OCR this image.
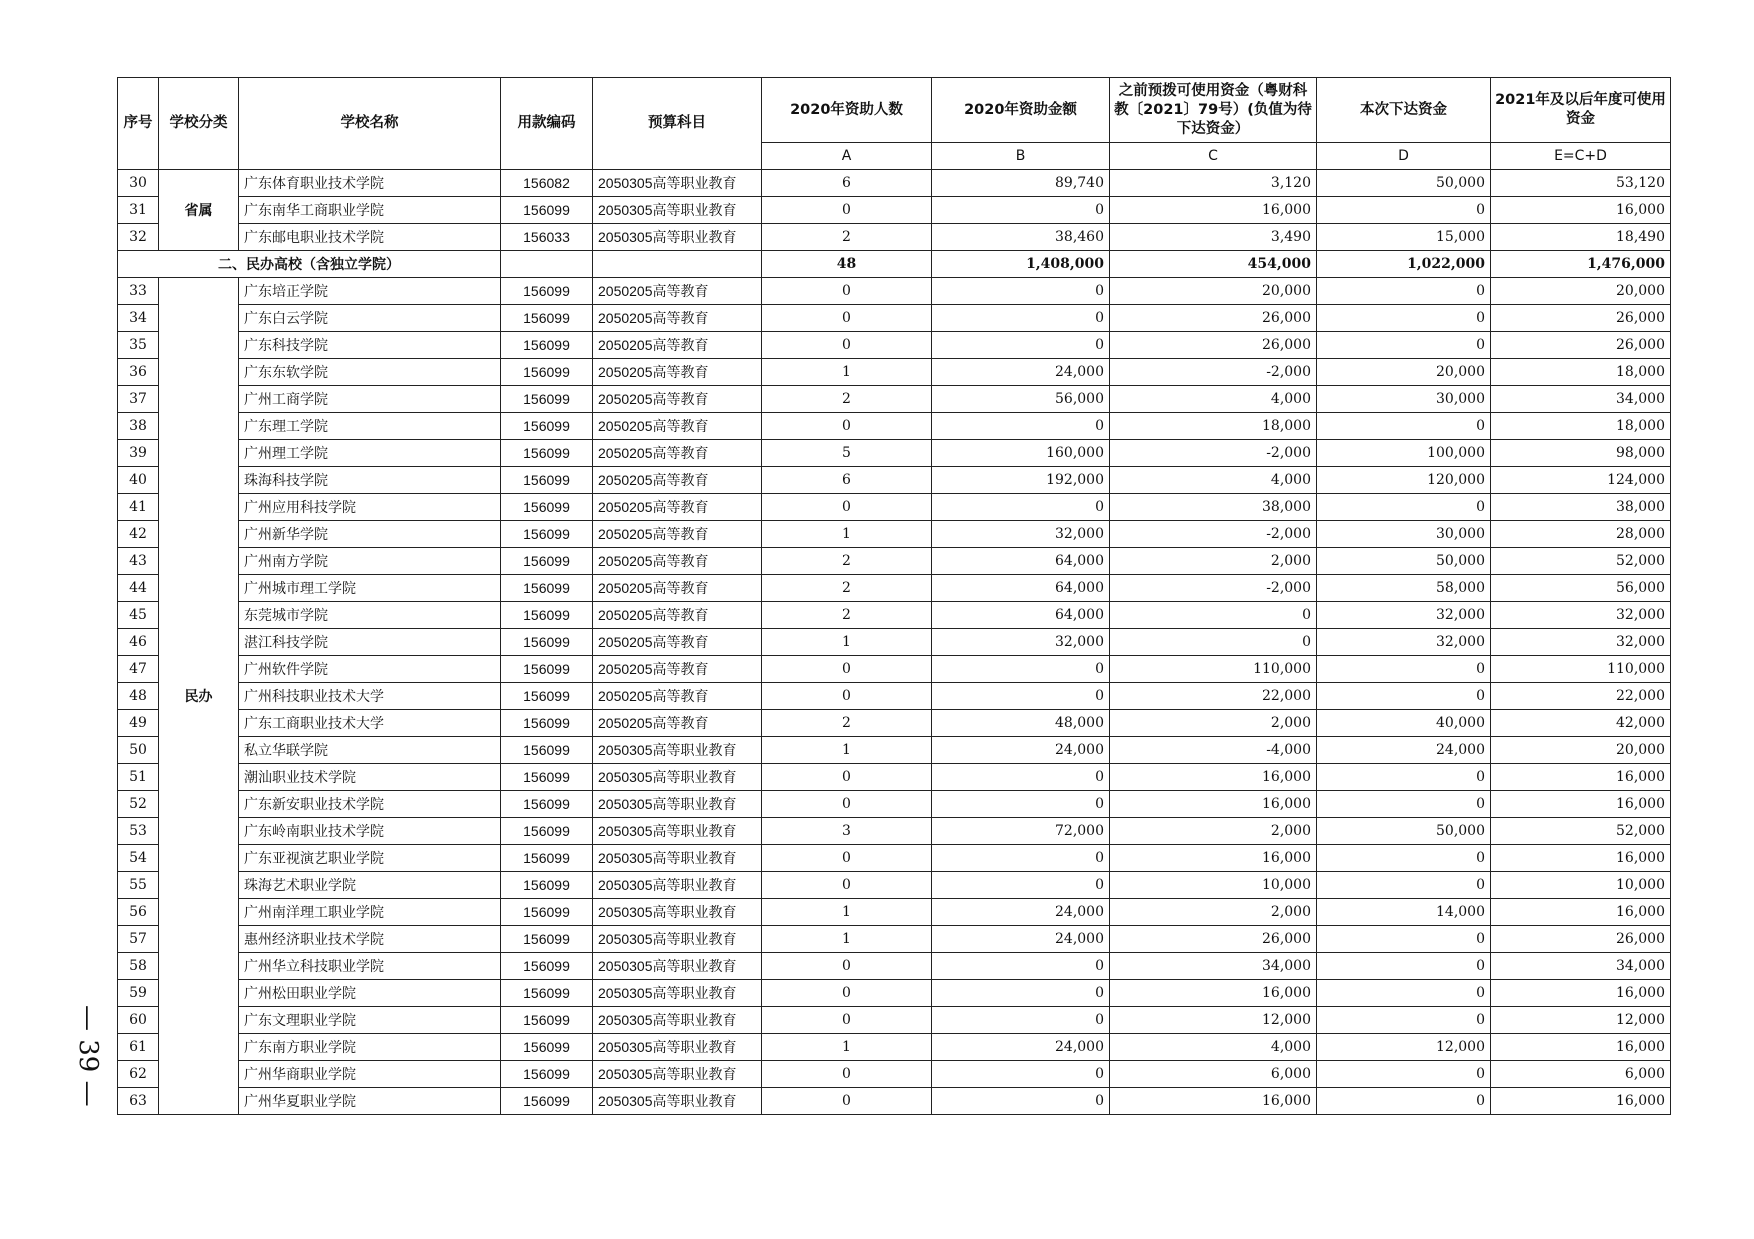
序号	学校分类	学校名称	用款编码	预算科目	2020年资助人数	2020年资助金额	之前预拨可使用资金（粤财科教〔2021〕79号）(负值为待下达资金）	本次下达资金	2021年及以后年度可使用资金
					A	B	C	D	E=C+D
30	省属	广东体育职业技术学院	156082	2050305高等职业教育	6	89,740	3,120	50,000	53,120
31		广东南华工商职业学院	156099	2050305高等职业教育	0	0	16,000	0	16,000
32		广东邮电职业技术学院	156033	2050305高等职业教育	2	38,460	3,490	15,000	18,490
二、民办高校（含独立学院）					48	1,408,000	454,000	1,022,000	1,476,000
33	民办	广东培正学院	156099	2050205高等教育	0	0	20,000	0	20,000
34		广东白云学院	156099	2050205高等教育	0	0	26,000	0	26,000
35		广东科技学院	156099	2050205高等教育	0	0	26,000	0	26,000
36		广东东软学院	156099	2050205高等教育	1	24,000	-2,000	20,000	18,000
37		广州工商学院	156099	2050205高等教育	2	56,000	4,000	30,000	34,000
38		广东理工学院	156099	2050205高等教育	0	0	18,000	0	18,000
39		广州理工学院	156099	2050205高等教育	5	160,000	-2,000	100,000	98,000
40		珠海科技学院	156099	2050205高等教育	6	192,000	4,000	120,000	124,000
41		广州应用科技学院	156099	2050205高等教育	0	0	38,000	0	38,000
42		广州新华学院	156099	2050205高等教育	1	32,000	-2,000	30,000	28,000
43		广州南方学院	156099	2050205高等教育	2	64,000	2,000	50,000	52,000
44		广州城市理工学院	156099	2050205高等教育	2	64,000	-2,000	58,000	56,000
45		东莞城市学院	156099	2050205高等教育	2	64,000	0	32,000	32,000
46		湛江科技学院	156099	2050205高等教育	1	32,000	0	32,000	32,000
47		广州软件学院	156099	2050205高等教育	0	0	110,000	0	110,000
48		广州科技职业技术大学	156099	2050205高等教育	0	0	22,000	0	22,000
49		广东工商职业技术大学	156099	2050205高等教育	2	48,000	2,000	40,000	42,000
50		私立华联学院	156099	2050305高等职业教育	1	24,000	-4,000	24,000	20,000
51		潮汕职业技术学院	156099	2050305高等职业教育	0	0	16,000	0	16,000
52		广东新安职业技术学院	156099	2050305高等职业教育	0	0	16,000	0	16,000
53		广东岭南职业技术学院	156099	2050305高等职业教育	3	72,000	2,000	50,000	52,000
54		广东亚视演艺职业学院	156099	2050305高等职业教育	0	0	16,000	0	16,000
55		珠海艺术职业学院	156099	2050305高等职业教育	0	0	10,000	0	10,000
56		广州南洋理工职业学院	156099	2050305高等职业教育	1	24,000	2,000	14,000	16,000
57		惠州经济职业技术学院	156099	2050305高等职业教育	1	24,000	26,000	0	26,000
58		广州华立科技职业学院	156099	2050305高等职业教育	0	0	34,000	0	34,000
59		广州松田职业学院	156099	2050305高等职业教育	0	0	16,000	0	16,000
60		广东文理职业学院	156099	2050305高等职业教育	0	0	12,000	0	12,000
61		广东南方职业学院	156099	2050305高等职业教育	1	24,000	4,000	12,000	16,000
62		广州华商职业学院	156099	2050305高等职业教育	0	0	6,000	0	6,000
63		广州华夏职业学院	156099	2050305高等职业教育	0	0	16,000	0	16,000
— 39 —
